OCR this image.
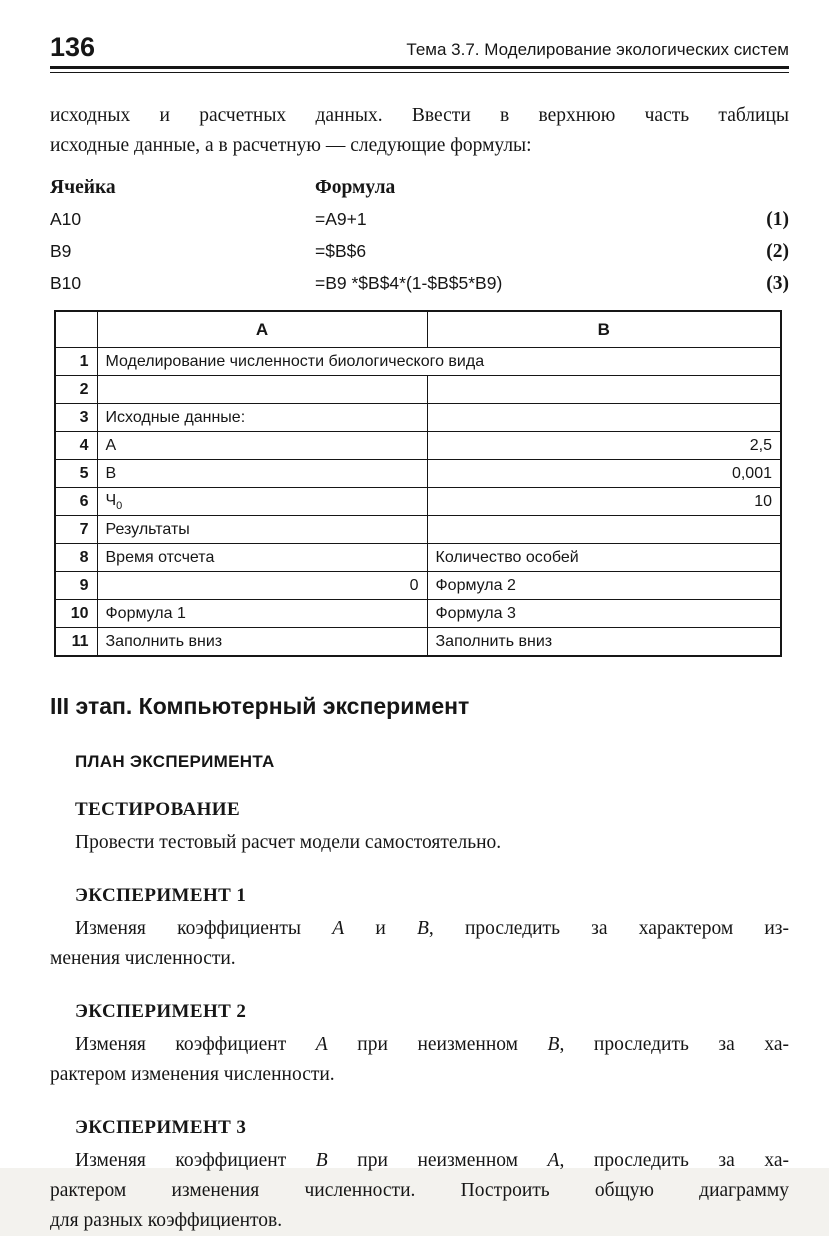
136	Тема 3.7. Моделирование экологических систем
исходных и расчетных данных. Ввести в верхнюю часть таблицы
исходные данные, а в расчетную — следующие формулы:
Ячейка	Формула
A10	=A9+1	(1)
B9	=$B$6	(2)
B10	=B9 *$B$4*(1-$B$5*B9)	(3)
	A	B
1	Моделирование численности биологического вида	
2		
3	Исходные данные:	
4	A	2,5
5	B	0,001
6	$Ч_0$	10
7	Результаты	
8	Время отсчета	Количество особей
9	0	Формула 2
10	Формула 1	Формула 3
11	Заполнить вниз	Заполнить вниз
III этап. Компьютерный эксперимент
ПЛАН ЭКСПЕРИМЕНТА
ТЕСТИРОВАНИЕ
Провести тестовый расчет модели самостоятельно.
ЭКСПЕРИМЕНТ 1
Изменяя коэффициенты A и B, проследить за характером из-
менения численности.
ЭКСПЕРИМЕНТ 2
Изменяя коэффициент A при неизменном B, проследить за ха-
рактером изменения численности.
ЭКСПЕРИМЕНТ 3
Изменяя коэффициент B при неизменном A, проследить за ха-
рактером изменения численности. Построить общую диаграмму
для разных коэффициентов.
